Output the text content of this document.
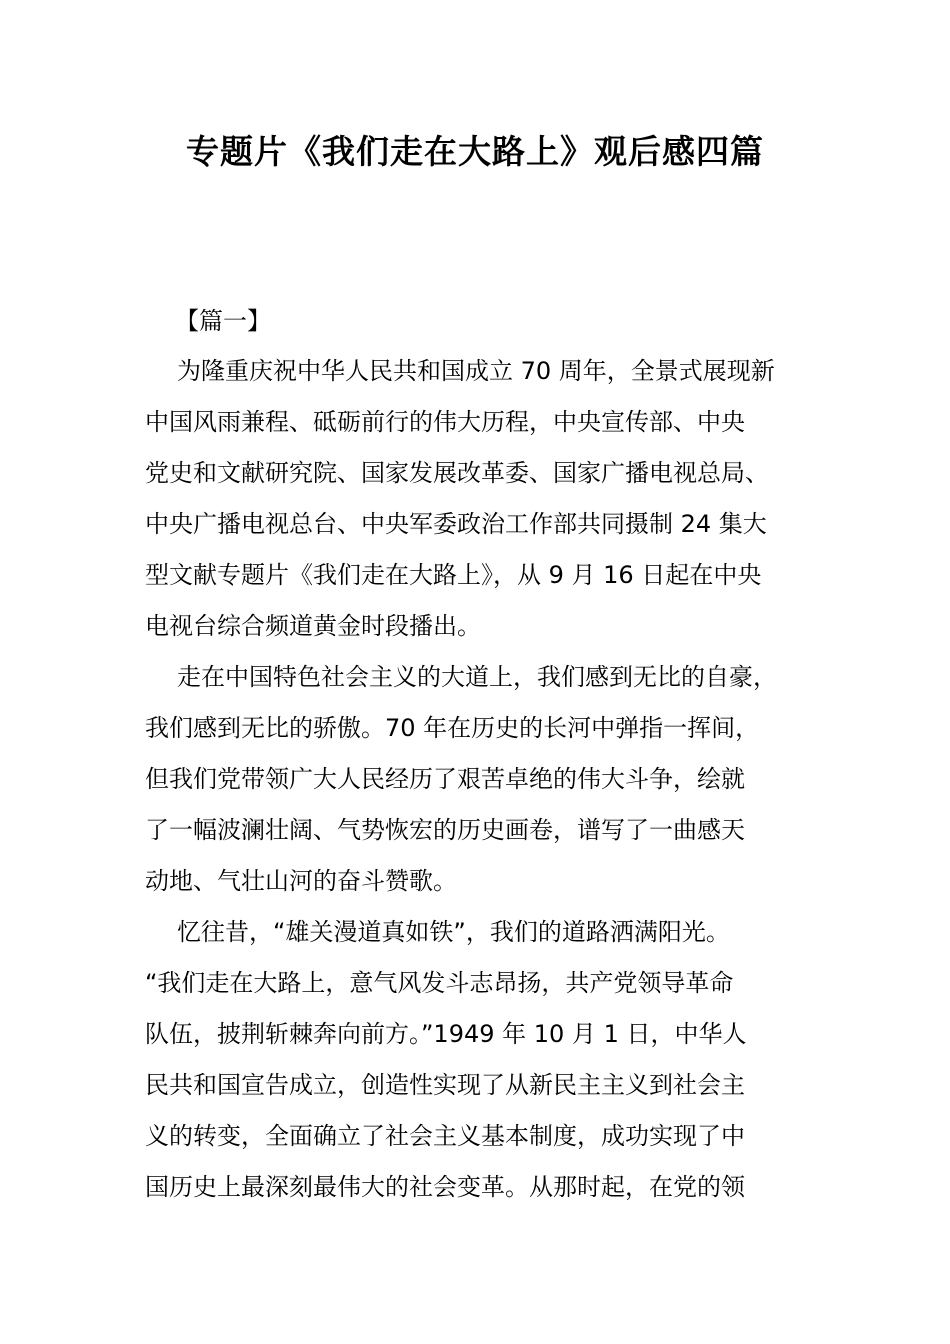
专题片《我们走在大路上》观后感四篇

【篇一】

为隆重庆祝中华人民共和国成立 70 周年，全景式展现新
中国风雨兼程、砥砺前行的伟大历程，中央宣传部、中央
党史和文献研究院、国家发展改革委、国家广播电视总局、
中央广播电视总台、中央军委政治工作部共同摄制 24 集大
型文献专题片《我们走在大路上》，从 9 月 16 日起在中央
电视台综合频道黄金时段播出。

走在中国特色社会主义的大道上，我们感到无比的自豪，
我们感到无比的骄傲。70 年在历史的长河中弹指一挥间，
但我们党带领广大人民经历了艰苦卓绝的伟大斗争，绘就
了一幅波澜壮阔、气势恢宏的历史画卷，谱写了一曲感天
动地、气壮山河的奋斗赞歌。

忆往昔，“雄关漫道真如铁”，我们的道路洒满阳光。
“我们走在大路上，意气风发斗志昂扬，共产党领导革命
队伍，披荆斩棘奔向前方。”1949 年 10 月 1 日，中华人
民共和国宣告成立，创造性实现了从新民主主义到社会主
义的转变，全面确立了社会主义基本制度，成功实现了中
国历史上最深刻最伟大的社会变革。从那时起，在党的领
